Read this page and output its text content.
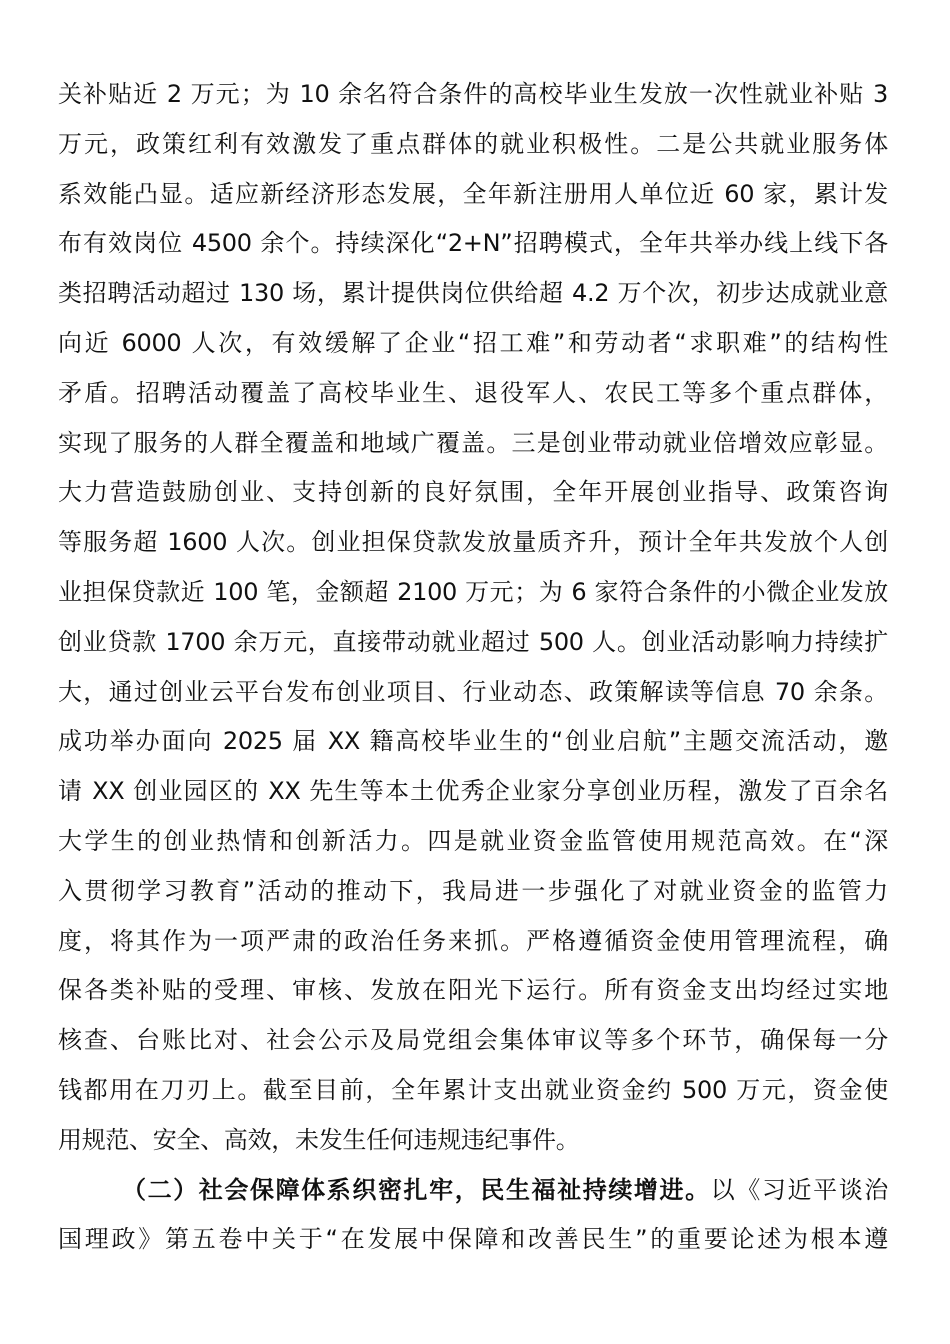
关补贴近 2 万元；为 10 余名符合条件的高校毕业生发放一次性就业补贴 3
万元，政策红利有效激发了重点群体的就业积极性。二是公共就业服务体
系效能凸显。适应新经济形态发展，全年新注册用人单位近 60 家，累计发
布有效岗位 4500 余个。持续深化“2+N”招聘模式，全年共举办线上线下各
类招聘活动超过 130 场，累计提供岗位供给超 4.2 万个次，初步达成就业意
向近 6000 人次，有效缓解了企业“招工难”和劳动者“求职难”的结构性
矛盾。招聘活动覆盖了高校毕业生、退役军人、农民工等多个重点群体，
实现了服务的人群全覆盖和地域广覆盖。三是创业带动就业倍增效应彰显。
大力营造鼓励创业、支持创新的良好氛围，全年开展创业指导、政策咨询
等服务超 1600 人次。创业担保贷款发放量质齐升，预计全年共发放个人创
业担保贷款近 100 笔，金额超 2100 万元；为 6 家符合条件的小微企业发放
创业贷款 1700 余万元，直接带动就业超过 500 人。创业活动影响力持续扩
大，通过创业云平台发布创业项目、行业动态、政策解读等信息 70 余条。
成功举办面向 2025 届 XX 籍高校毕业生的“创业启航”主题交流活动，邀
请 XX 创业园区的 XX 先生等本土优秀企业家分享创业历程，激发了百余名
大学生的创业热情和创新活力。四是就业资金监管使用规范高效。在“深
入贯彻学习教育”活动的推动下，我局进一步强化了对就业资金的监管力
度，将其作为一项严肃的政治任务来抓。严格遵循资金使用管理流程，确
保各类补贴的受理、审核、发放在阳光下运行。所有资金支出均经过实地
核查、台账比对、社会公示及局党组会集体审议等多个环节，确保每一分
钱都用在刀刃上。截至目前，全年累计支出就业资金约 500 万元，资金使
用规范、安全、高效，未发生任何违规违纪事件。
（二）社会保障体系织密扎牢，民生福祉持续增进。以《习近平谈治
国理政》第五卷中关于“在发展中保障和改善民生”的重要论述为根本遵
